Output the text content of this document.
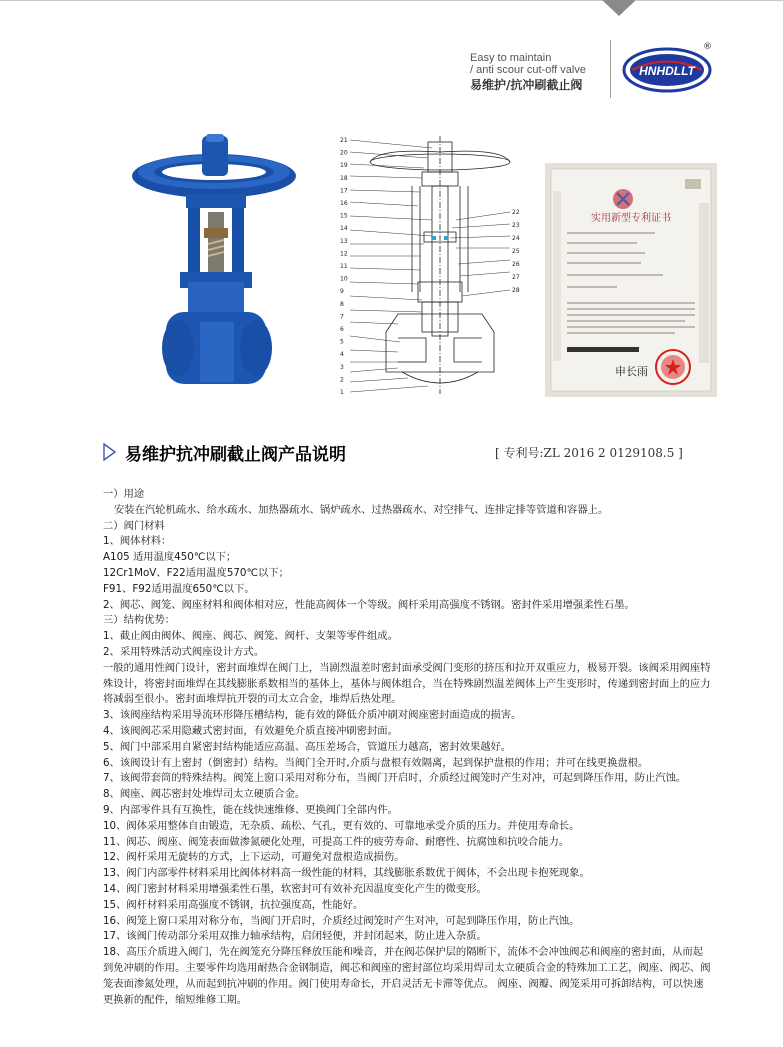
Easy to maintain
/ anti scour cut-off valve
易维护/抗冲刷截止阀
HNHDLLT
®
21
20
19
18
17
16
15
14
13
12
11
10
9
8
7
6
5
4
3
2
1
22
23
24
25
26
27
28
实用新型专利证书
申长雨
易维护抗冲刷截止阀产品说明	[ 专利号:ZL 2016 2 0129108.5 ]

一）用途

安装在汽轮机疏水、给水疏水、加热器疏水、锅炉疏水、过热器疏水、对空排气、连排定排等管道和容器上。

二）阀门材料

1、阀体材料：

A105 适用温度450℃以下；

12Cr1MoV、F22适用温度570℃以下；

F91、F92适用温度650℃以下。

2、阀芯、阀笼、阀座材料和阀体相对应，性能高阀体一个等级。阀杆采用高强度不锈钢。密封件采用增强柔性石墨。

三）结构优势：

1、截止阀由阀体、阀座、阀芯、阀笼、阀杆、支架等零件组成。

2、采用特殊活动式阀座设计方式。

一般的通用性阀门设计，密封面堆焊在阀门上，当剧烈温差时密封面承受阀门变形的挤压和拉开双重应力，极易开裂。该阀采用阀座特殊设计，将密封面堆焊在其线膨胀系数相当的基体上，基体与阀体组合，当在特殊剧烈温差阀体上产生变形时，传递到密封面上的应力将减弱至很小。密封面堆焊抗开裂的司太立合金，堆焊后热处理。

3、该阀座结构采用导流环形降压槽结构，能有效的降低介质冲刷对阀座密封面造成的损害。

4、该阀阀芯采用隐藏式密封面，有效避免介质直接冲刷密封面。

5、阀门中部采用自紧密封结构能适应高温、高压差场合，管道压力越高，密封效果越好。

6、该阀设计有上密封（倒密封）结构。当阀门全开时,介质与盘根有效隔离，起到保护盘根的作用；并可在线更换盘根。

7、该阀带套筒的特殊结构。阀笼上窗口采用对称分布，当阀门开启时，介质经过阀笼时产生对冲，可起到降压作用，防止汽蚀。

8、阀座、阀芯密封处堆焊司太立硬质合金。

9、内部零件具有互换性，能在线快速维修、更换阀门全部内件。

10、阀体采用整体自由锻造，无杂质、疏松、气孔，更有效的、可靠地承受介质的压力。并使用寿命长。

11、阀芯、阀座、阀笼表面做渗氮硬化处理，可提高工件的疲劳寿命、耐磨性、抗腐蚀和抗咬合能力。

12、阀杆采用无旋转的方式，上下运动，可避免对盘根造成损伤。

13、阀门内部零件材料采用比阀体材料高一级性能的材料，其线膨胀系数优于阀体，不会出现卡抱死现象。

14、阀门密封材料采用增强柔性石墨，软密封可有效补充因温度变化产生的微变形。

15、阀杆材料采用高强度不锈钢，抗拉强度高，性能好。

16、阀笼上窗口采用对称分布，当阀门开启时，介质经过阀笼时产生对冲，可起到降压作用，防止汽蚀。

17、该阀门传动部分采用双推力轴承结构，启闭轻便，并封闭起来，防止进入杂质。

18、高压介质进入阀门，先在阀笼充分降压释放压能和噪音，并在阀芯保护层的隔断下，流体不会冲蚀阀芯和阀座的密封面，从而起到免冲刷的作用。主要零件均选用耐热合金钢制造，阀芯和阀座的密封部位均采用焊司太立硬质合金的特殊加工工艺，阀座、阀芯、阀笼表面渗氮处理，从而起到抗冲刷的作用。阀门使用寿命长，开启灵活无卡滞等优点。 阀座、阀瓣、阀笼采用可拆卸结构，可以快速更换新的配件，缩短维修工期。
